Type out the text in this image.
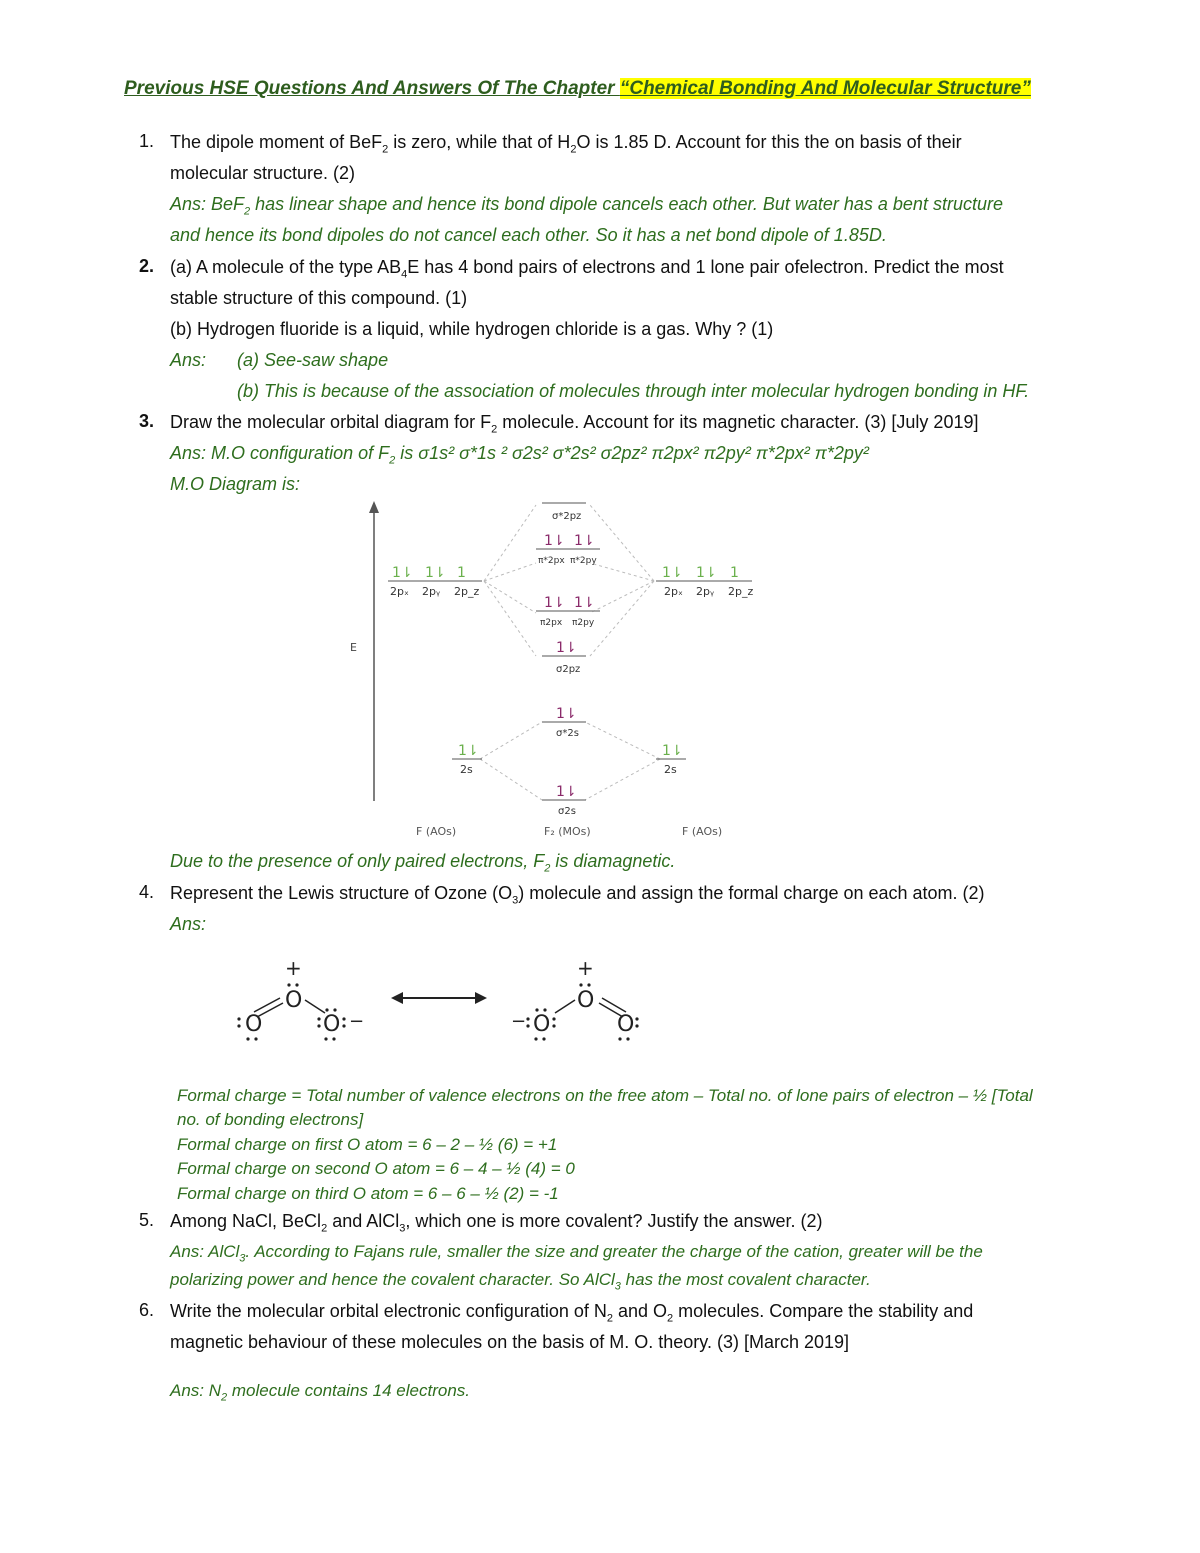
Previous HSE Questions And Answers Of The Chapter “Chemical Bonding And Molecular Structure”
1. The dipole moment of BeF$_2$ is zero, while that of $H_2O$ is 1.85 D. Account for this the on basis of their
molecular structure. (2)
Ans: BeF$_2$ has linear shape and hence its bond dipole cancels each other. But water has a bent structure
and hence its bond dipoles do not cancel each other. So it has a net bond dipole of 1.85D.
2. (a) A molecule of the type $AB_4E$ has 4 bond pairs of electrons and 1 lone pair ofelectron. Predict the most
stable structure of this compound. (1)
(b) Hydrogen fluoride is a liquid, while hydrogen chloride is a gas. Why ? (1)
Ans: (a) See-saw shape
(b) This is because of the association of molecules through inter molecular hydrogen bonding in HF.
3. Draw the molecular orbital diagram for $F_2$ molecule. Account for its magnetic character. (3) [July 2019]
Ans: M.O configuration of $F_2$ is σ1s² σ*1s ² σ2s² σ*2s² σ2pz² π2px² π2py² π*2px² π*2py²
M.O Diagram is:
E
1⇂ 1⇂ 1
2pₓ 2pᵧ 2p_z
1⇂ 1⇂ 1
2pₓ 2pᵧ 2p_z
σ*2pz
1⇂ 1⇂
π*2px π*2py
1⇂ 1⇂
π2px π2py
1⇂
σ2pz
1⇂
σ*2s
1⇂
σ2s
1⇂
2s
1⇂
2s
F (AOs)	F₂ (MOs)	F (AOs)
Due to the presence of only paired electrons, $F_2$ is diamagnetic.
4. Represent the Lewis structure of Ozone $(O_3)$ molecule and assign the formal charge on each atom. (2)
Ans:
+
O
O	O −
+
O
− O	O
Formal charge = Total number of valence electrons on the free atom – Total no. of lone pairs of electron – ½ [Total
no. of bonding electrons]
Formal charge on first O atom = 6 – 2 – ½ (6) = +1
Formal charge on second O atom = 6 – 4 – ½ (4) = 0
Formal charge on third O atom = 6 – 6 – ½ (2) = -1
5. Among NaCl, BeCl$_2$ and AlCl$_3$, which one is more covalent? Justify the answer. (2)
Ans: AlCl$_3$. According to Fajans rule, smaller the size and greater the charge of the cation, greater will be the
polarizing power and hence the covalent character. So AlCl$_3$ has the most covalent character.
6. Write the molecular orbital electronic configuration of $N_2$ and $O_2$ molecules. Compare the stability and
magnetic behaviour of these molecules on the basis of M. O. theory. (3) [March 2019]
Ans: $N_2$ molecule contains 14 electrons.
